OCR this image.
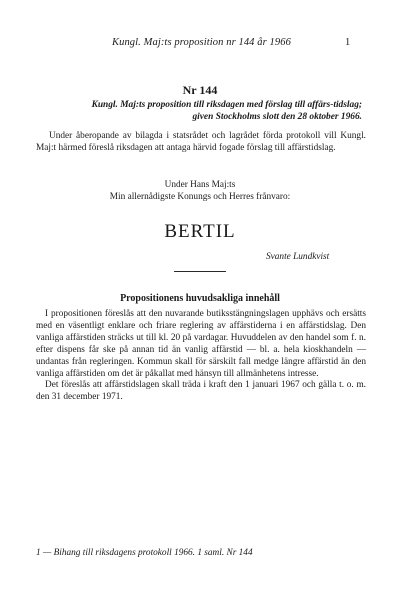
Kungl. Maj:ts proposition nr 144 år 1966	1
Nr 144
Kungl. Maj:ts proposition till riksdagen med förslag till affärs-tidslag; given Stockholms slott den 28 oktober 1966.
Under åberopande av bilagda i statsrådet och lagrådet förda protokoll vill Kungl. Maj:t härmed föreslå riksdagen att antaga härvid fogade förslag till affärstidslag.
Under Hans Maj:ts
Min allernådigste Konungs och Herres frånvaro:
BERTIL
Svante Lundkvist
Propositionens huvudsakliga innehåll

I propositionen föreslås att den nuvarande butiksstängningslagen upphävs och ersätts med en väsentligt enklare och friare reglering av affärstiderna i en affärstidslag. Den vanliga affärstiden sträcks ut till kl. 20 på vardagar. Huvuddelen av den handel som f. n. efter dispens får ske på annan tid än vanlig affärstid — bl. a. hela kioskhandeln — undantas från regleringen. Kommun skall för särskilt fall medge längre affärstid än den vanliga affärstiden om det är påkallat med hänsyn till allmänhetens intresse.

Det föreslås att affärstidslagen skall träda i kraft den 1 januari 1967 och gälla t. o. m. den 31 december 1971.

1 — Bihang till riksdagens protokoll 1966. 1 saml. Nr 144
